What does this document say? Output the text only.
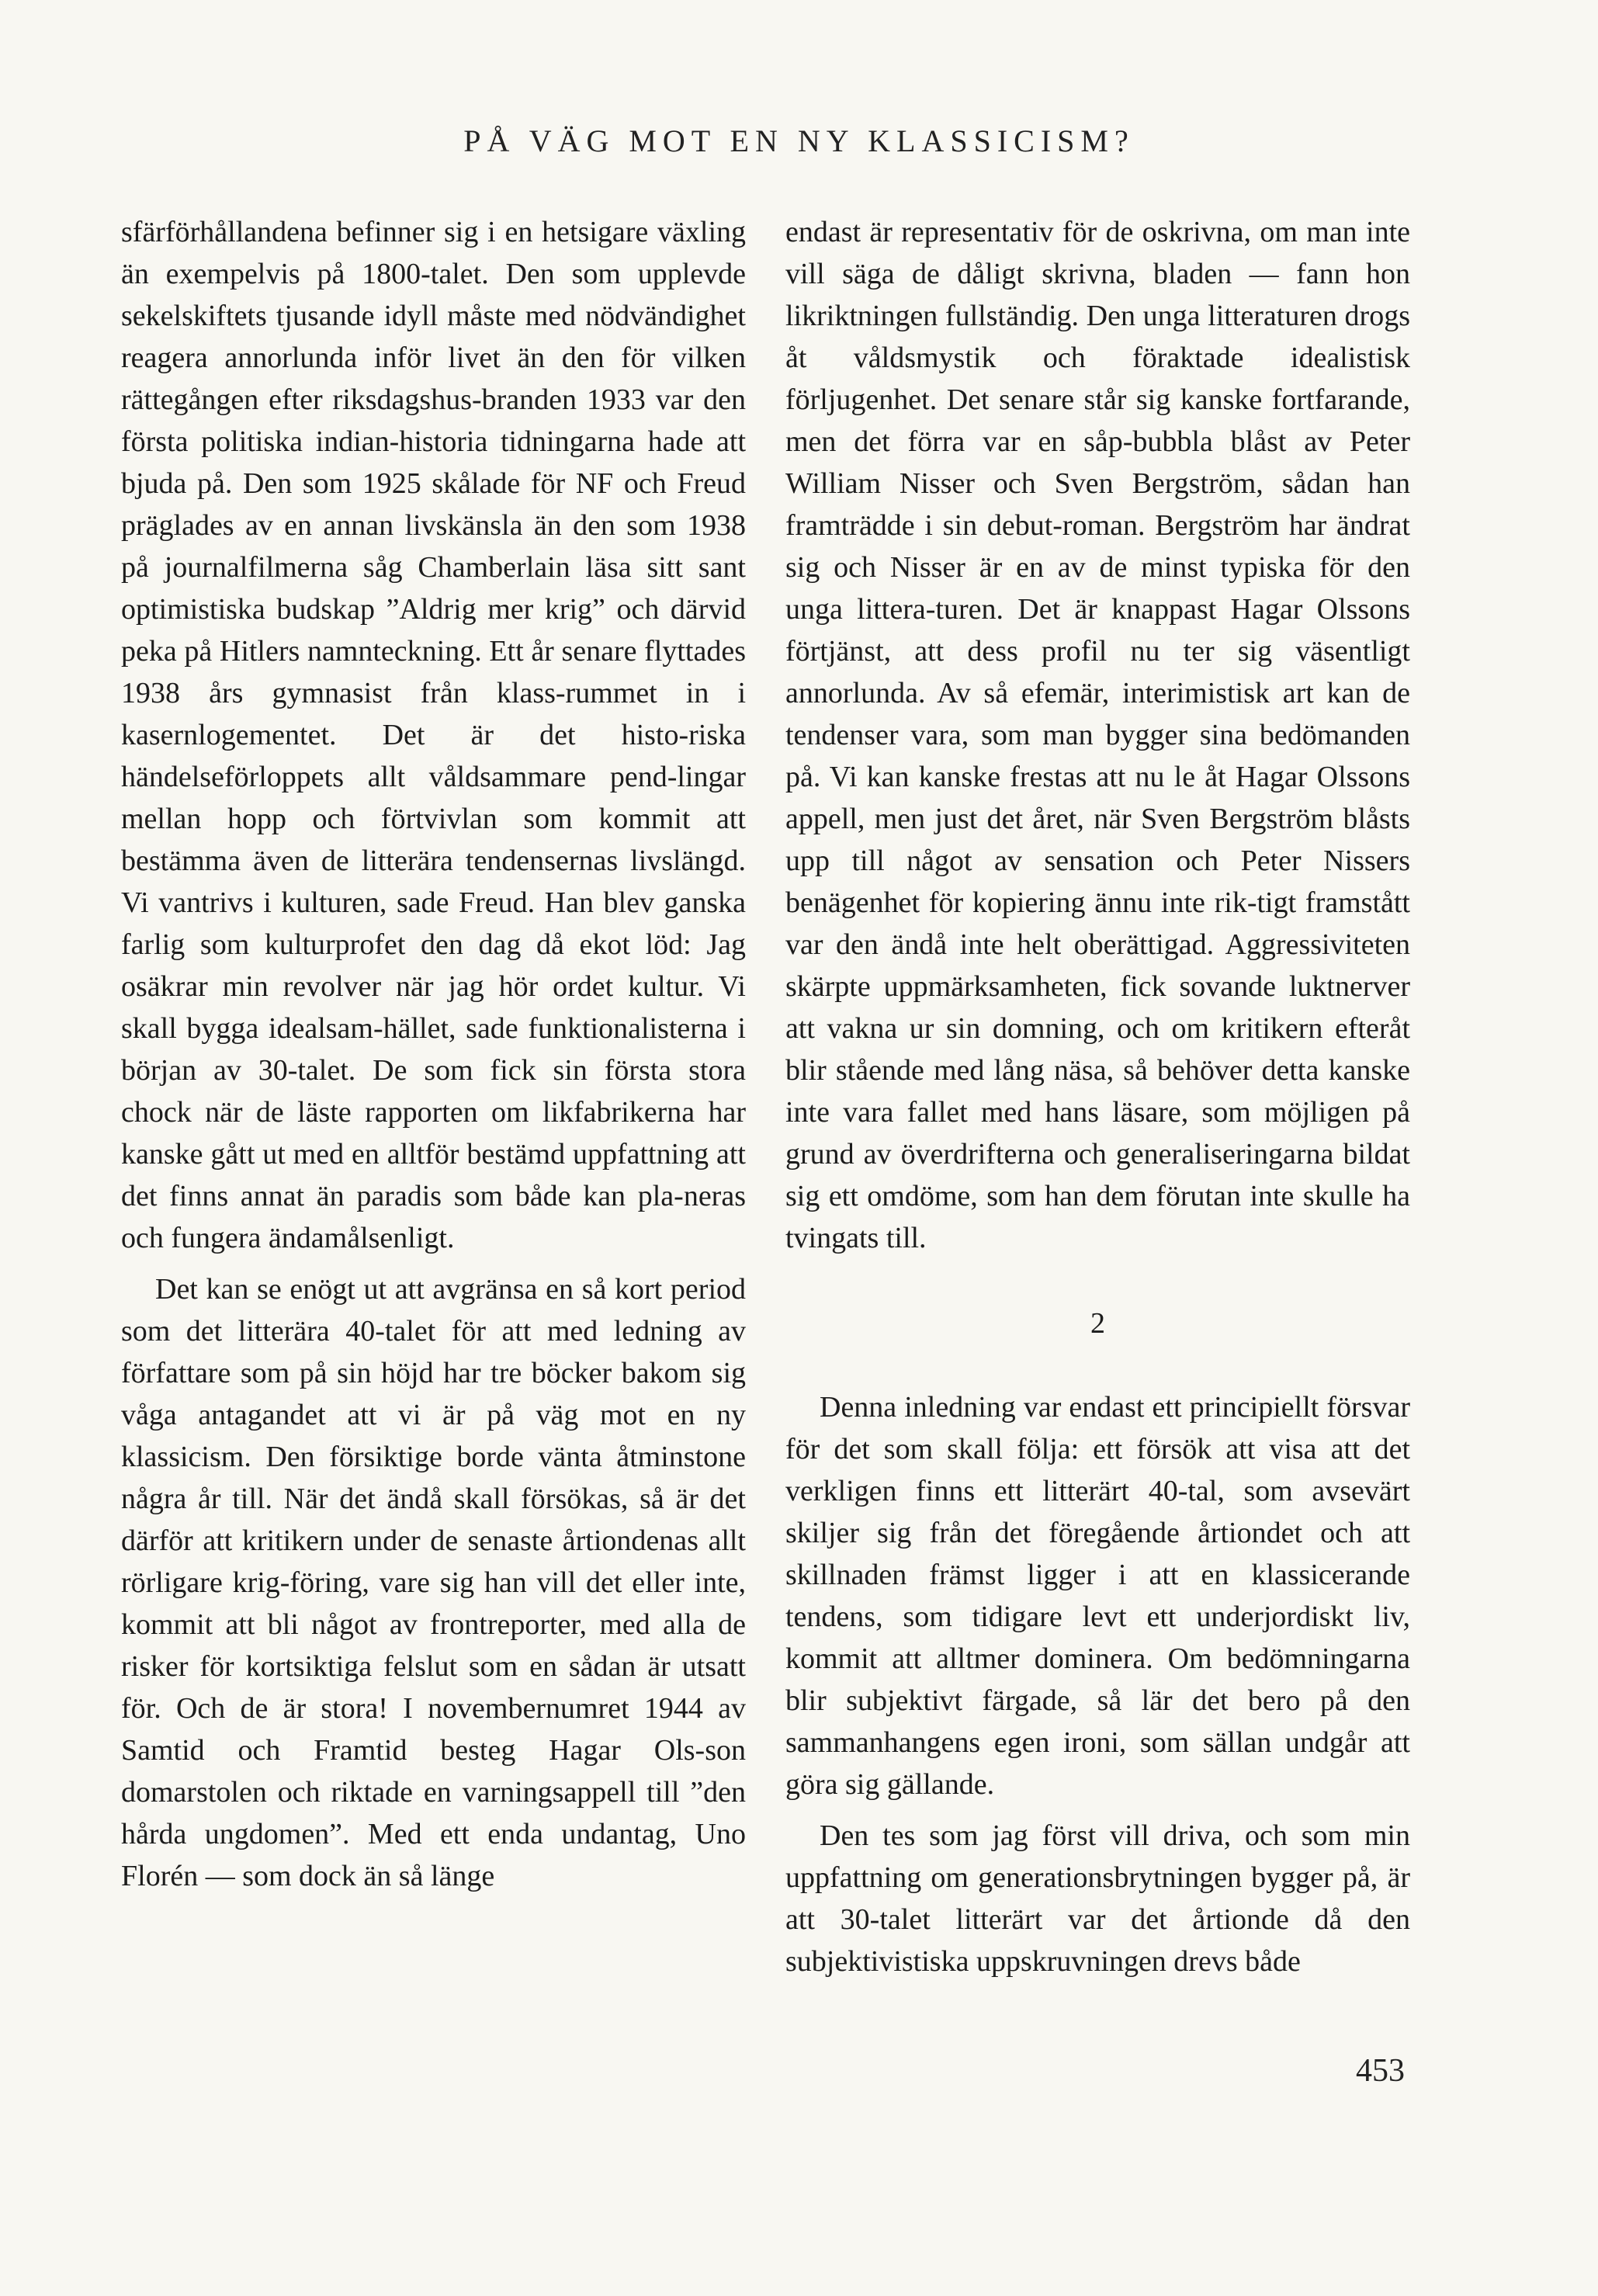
PÅ VÄG MOT EN NY KLASSICISM?

sfärförhållandena befinner sig i en hetsigare växling än exempelvis på 1800-talet. Den som upplevde sekelskiftets tjusande idyll måste med nödvändighet reagera annorlunda inför livet än den för vilken rättegången efter riksdagshus-branden 1933 var den första politiska indian-historia tidningarna hade att bjuda på. Den som 1925 skålade för NF och Freud präglades av en annan livskänsla än den som 1938 på journalfilmerna såg Chamberlain läsa sitt sant optimistiska budskap ”Aldrig mer krig” och därvid peka på Hitlers namnteckning. Ett år senare flyttades 1938 års gymnasist från klass-rummet in i kasernlogementet. Det är det histo-riska händelseförloppets allt våldsammare pend-lingar mellan hopp och förtvivlan som kommit att bestämma även de litterära tendensernas livslängd. Vi vantrivs i kulturen, sade Freud. Han blev ganska farlig som kulturprofet den dag då ekot löd: Jag osäkrar min revolver när jag hör ordet kultur. Vi skall bygga idealsam-hället, sade funktionalisterna i början av 30-talet. De som fick sin första stora chock när de läste rapporten om likfabrikerna har kanske gått ut med en alltför bestämd uppfattning att det finns annat än paradis som både kan pla-neras och fungera ändamålsenligt.

Det kan se enögt ut att avgränsa en så kort period som det litterära 40-talet för att med ledning av författare som på sin höjd har tre böcker bakom sig våga antagandet att vi är på väg mot en ny klassicism. Den försiktige borde vänta åtminstone några år till. När det ändå skall försökas, så är det därför att kritikern under de senaste årtiondenas allt rörligare krig-föring, vare sig han vill det eller inte, kommit att bli något av frontreporter, med alla de risker för kortsiktiga felslut som en sådan är utsatt för. Och de är stora! I novembernumret 1944 av Samtid och Framtid besteg Hagar Ols-son domarstolen och riktade en varningsappell till ”den hårda ungdomen”. Med ett enda undantag, Uno Florén — som dock än så länge

endast är representativ för de oskrivna, om man inte vill säga de dåligt skrivna, bladen — fann hon likriktningen fullständig. Den unga litteraturen drogs åt våldsmystik och föraktade idealistisk förljugenhet. Det senare står sig kanske fortfarande, men det förra var en såp-bubbla blåst av Peter William Nisser och Sven Bergström, sådan han framträdde i sin debut-roman. Bergström har ändrat sig och Nisser är en av de minst typiska för den unga littera-turen. Det är knappast Hagar Olssons förtjänst, att dess profil nu ter sig väsentligt annorlunda. Av så efemär, interimistisk art kan de tendenser vara, som man bygger sina bedömanden på. Vi kan kanske frestas att nu le åt Hagar Olssons appell, men just det året, när Sven Bergström blåsts upp till något av sensation och Peter Nissers benägenhet för kopiering ännu inte rik-tigt framstått var den ändå inte helt oberättigad. Aggressiviteten skärpte uppmärksamheten, fick sovande luktnerver att vakna ur sin domning, och om kritikern efteråt blir stående med lång näsa, så behöver detta kanske inte vara fallet med hans läsare, som möjligen på grund av överdrifterna och generaliseringarna bildat sig ett omdöme, som han dem förutan inte skulle ha tvingats till.

2

Denna inledning var endast ett principiellt försvar för det som skall följa: ett försök att visa att det verkligen finns ett litterärt 40-tal, som avsevärt skiljer sig från det föregående årtiondet och att skillnaden främst ligger i att en klassicerande tendens, som tidigare levt ett underjordiskt liv, kommit att alltmer dominera. Om bedömningarna blir subjektivt färgade, så lär det bero på den sammanhangens egen ironi, som sällan undgår att göra sig gällande.

Den tes som jag först vill driva, och som min uppfattning om generationsbrytningen bygger på, är att 30-talet litterärt var det årtionde då den subjektivistiska uppskruvningen drevs både

453
